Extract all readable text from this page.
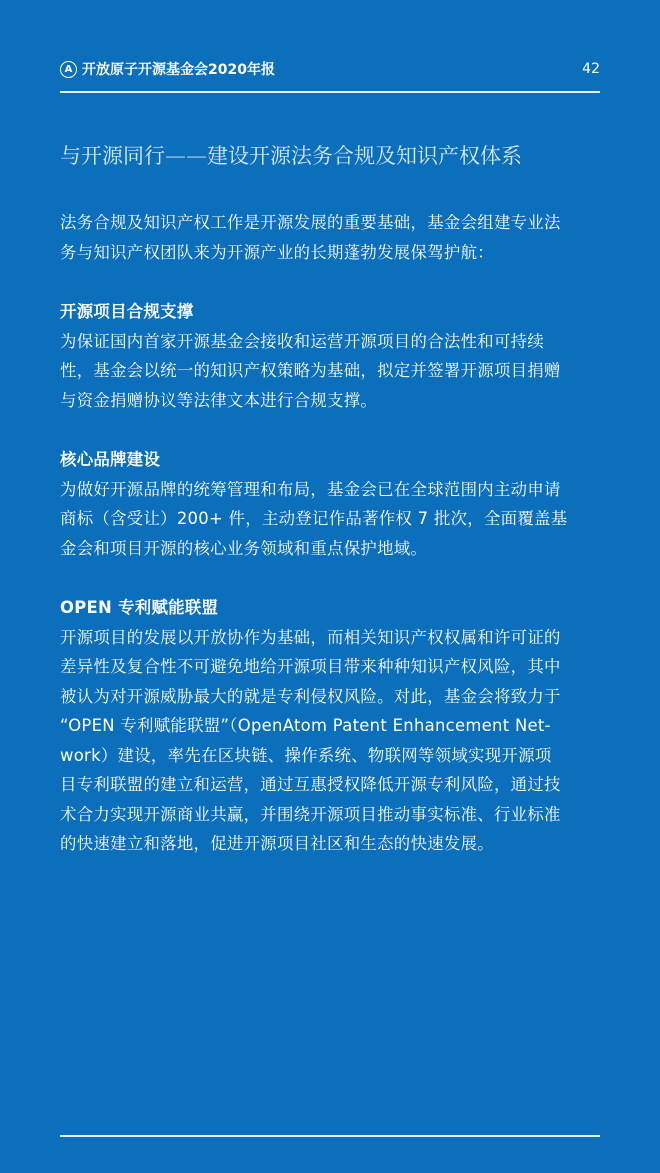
A 开放原子开源基金会2020年报	42
与开源同行——建设开源法务合规及知识产权体系
法务合规及知识产权工作是开源发展的重要基础，基金会组建专业法
务与知识产权团队来为开源产业的长期蓬勃发展保驾护航：
开源项目合规支撑
为保证国内首家开源基金会接收和运营开源项目的合法性和可持续
性，基金会以统一的知识产权策略为基础，拟定并签署开源项目捐赠
与资金捐赠协议等法律文本进行合规支撑。
核心品牌建设
为做好开源品牌的统筹管理和布局，基金会已在全球范围内主动申请
商标（含受让）200+ 件，主动登记作品著作权 7 批次，全面覆盖基
金会和项目开源的核心业务领域和重点保护地域。
OPEN 专利赋能联盟
开源项目的发展以开放协作为基础，而相关知识产权权属和许可证的
差异性及复合性不可避免地给开源项目带来种种知识产权风险，其中
被认为对开源威胁最大的就是专利侵权风险。对此，基金会将致力于
“OPEN 专利赋能联盟”（OpenAtom Patent Enhancement Net-
work）建设，率先在区块链、操作系统、物联网等领域实现开源项
目专利联盟的建立和运营，通过互惠授权降低开源专利风险，通过技
术合力实现开源商业共赢，并围绕开源项目推动事实标准、行业标准
的快速建立和落地，促进开源项目社区和生态的快速发展。
